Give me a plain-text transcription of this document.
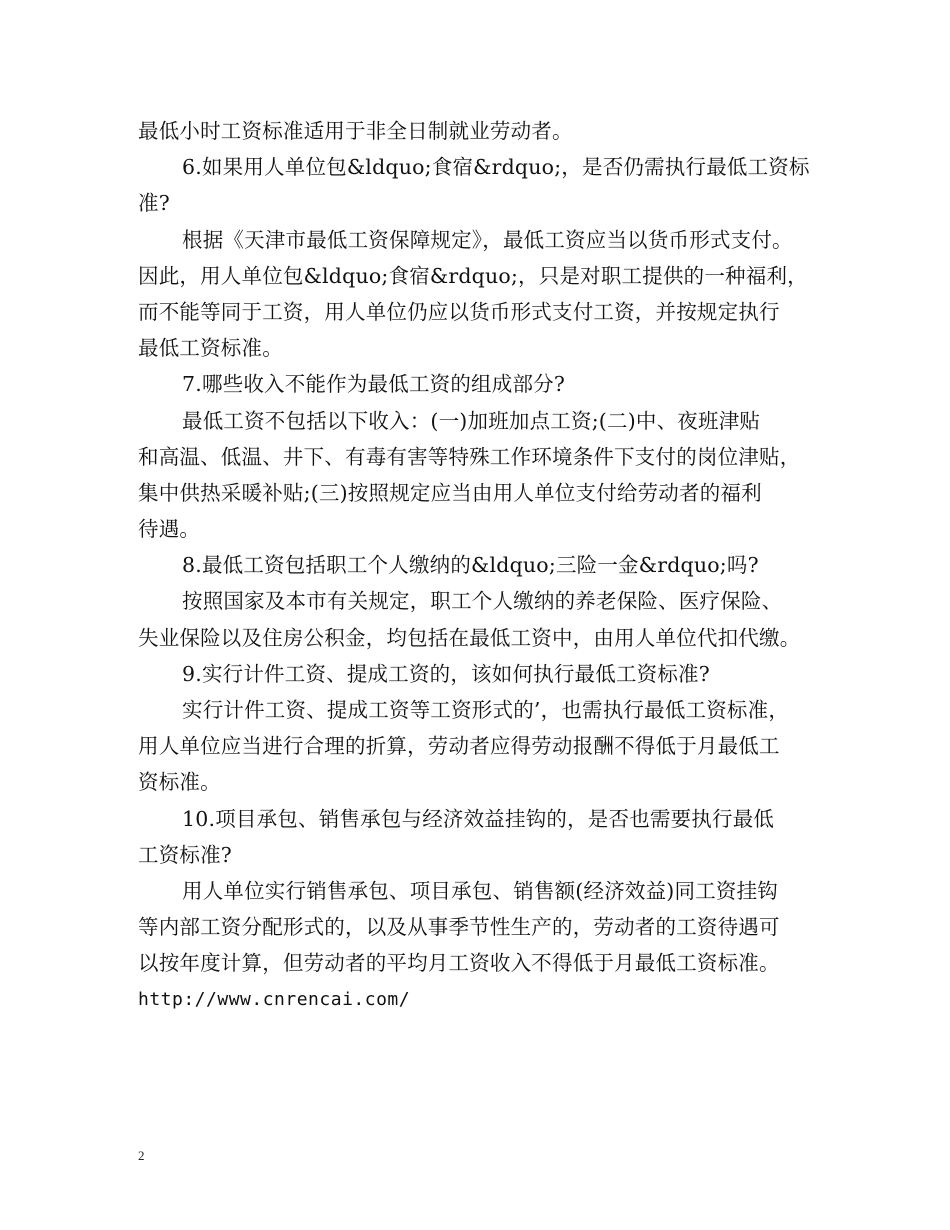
最低小时工资标准适用于非全日制就业劳动者。
6.如果用人单位包&ldquo;食宿&rdquo;，是否仍需执行最低工资标
准?
根据《天津市最低工资保障规定》，最低工资应当以货币形式支付。
因此，用人单位包&ldquo;食宿&rdquo;，只是对职工提供的一种福利，
而不能等同于工资，用人单位仍应以货币形式支付工资，并按规定执行
最低工资标准。
7.哪些收入不能作为最低工资的组成部分?
最低工资不包括以下收入：(一)加班加点工资;(二)中、夜班津贴
和高温、低温、井下、有毒有害等特殊工作环境条件下支付的岗位津贴，
集中供热采暖补贴;(三)按照规定应当由用人单位支付给劳动者的福利
待遇。
8.最低工资包括职工个人缴纳的&ldquo;三险一金&rdquo;吗?
按照国家及本市有关规定，职工个人缴纳的养老保险、医疗保险、
失业保险以及住房公积金，均包括在最低工资中，由用人单位代扣代缴。
9.实行计件工资、提成工资的，该如何执行最低工资标准?
实行计件工资、提成工资等工资形式的’，也需执行最低工资标准，
用人单位应当进行合理的折算，劳动者应得劳动报酬不得低于月最低工
资标准。
10.项目承包、销售承包与经济效益挂钩的，是否也需要执行最低
工资标准?
用人单位实行销售承包、项目承包、销售额(经济效益)同工资挂钩
等内部工资分配形式的，以及从事季节性生产的，劳动者的工资待遇可
以按年度计算，但劳动者的平均月工资收入不得低于月最低工资标准。
http://www.cnrencai.com/
2
